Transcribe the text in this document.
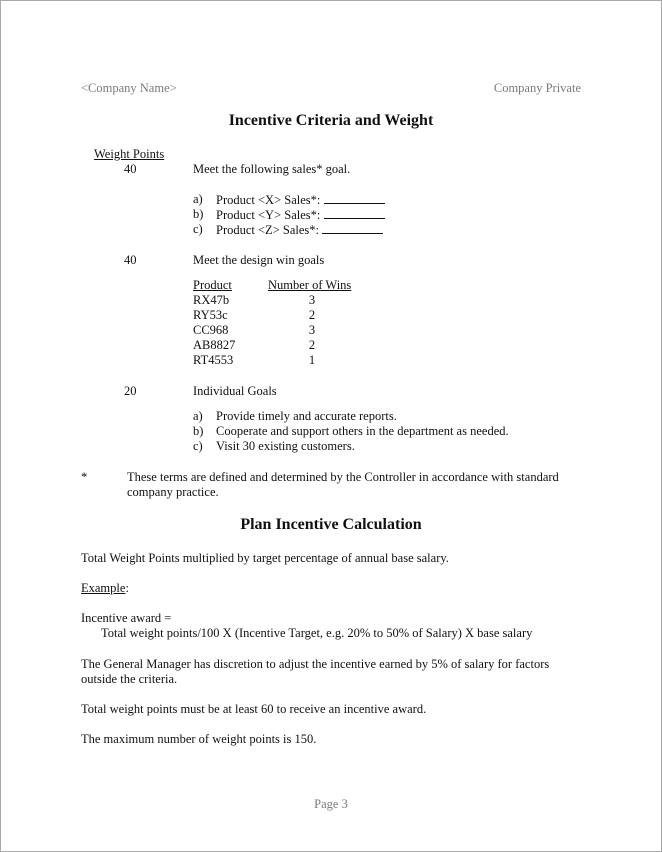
<Company Name>	Company Private
Incentive Criteria and Weight
Weight Points
40	Meet the following sales* goal.
a) Product <X> Sales*:
b) Product <Y> Sales*:
c) Product <Z> Sales*:
40	Meet the design win goals
Product	Number of Wins
RX47b	3
RY53c	2
CC968	3
AB8827	2
RT4553	1
20	Individual Goals
a) Provide timely and accurate reports.
b) Cooperate and support others in the department as needed.
c) Visit 30 existing customers.
*	These terms are defined and determined by the Controller in accordance with standard
company practice.
Plan Incentive Calculation
Total Weight Points multiplied by target percentage of annual base salary.
Example:
Incentive award =
Total weight points/100 X (Incentive Target, e.g. 20% to 50% of Salary) X base salary
The General Manager has discretion to adjust the incentive earned by 5% of salary for factors
outside the criteria.
Total weight points must be at least 60 to receive an incentive award.
The maximum number of weight points is 150.
Page 3
